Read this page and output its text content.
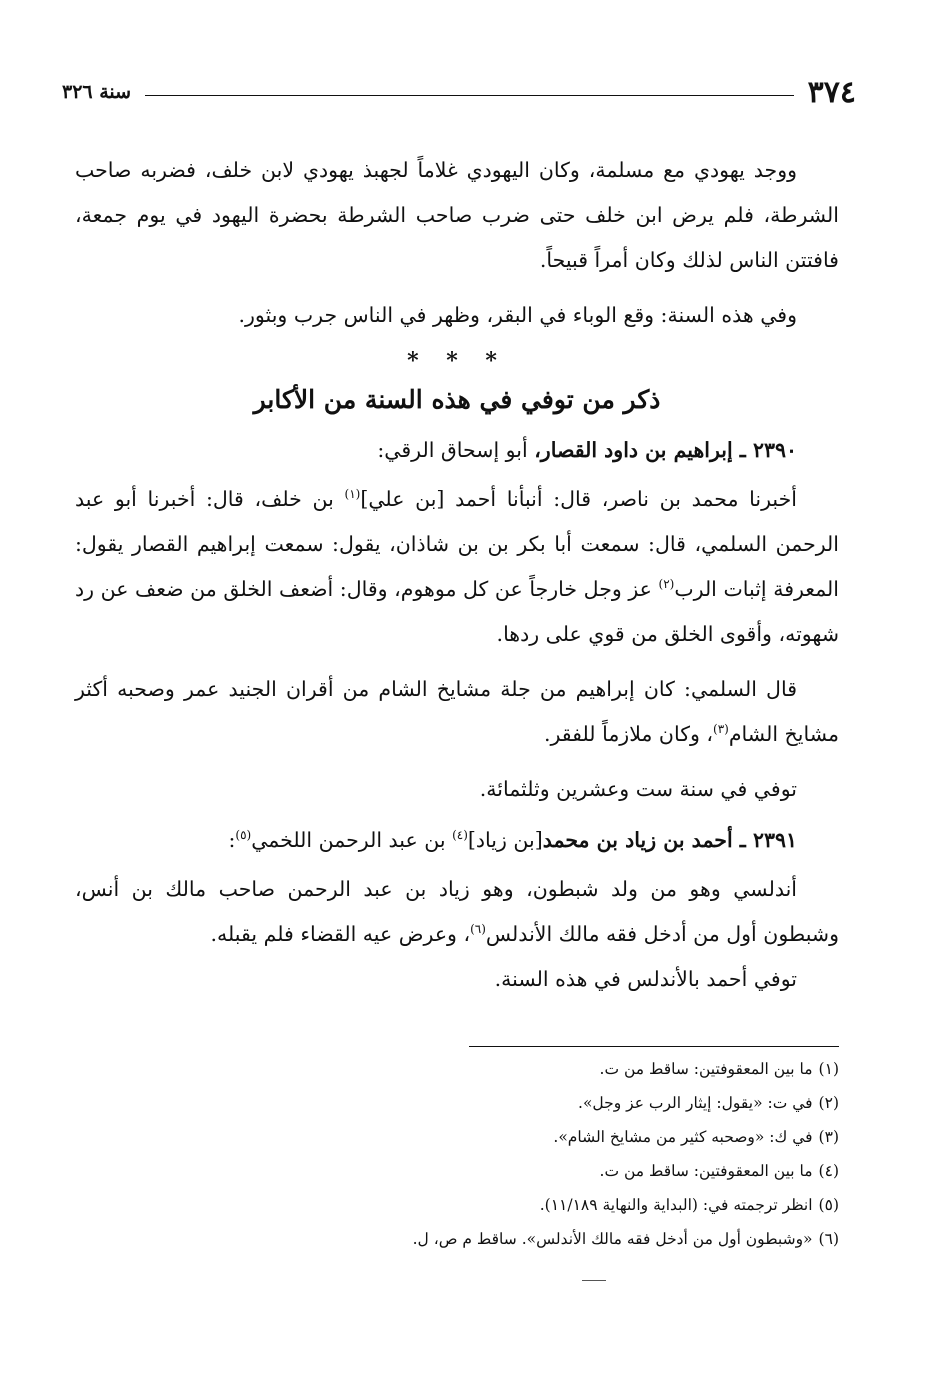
٣٧٤
سنة ٣٢٦

ووجد يهودي مع مسلمة، وكان اليهودي غلاماً لجهبذ يهودي لابن خلف، فضربه صاحب الشرطة، فلم يرض ابن خلف حتى ضرب صاحب الشرطة بحضرة اليهود في يوم جمعة، فافتتن الناس لذلك وكان أمراً قبيحاً.

وفي هذه السنة: وقع الوباء في البقر، وظهر في الناس جرب وبثور.

* * *
ذكر من توفي في هذه السنة من الأكابر

٢٣٩٠ ـ إبراهيم بن داود القصار، أبو إسحاق الرقي:

أخبرنا محمد بن ناصر، قال: أنبأنا أحمد [بن علي]$^{(١)}$ بن خلف، قال: أخبرنا أبو عبد الرحمن السلمي، قال: سمعت أبا بكر بن بن شاذان، يقول: سمعت إبراهيم القصار يقول: المعرفة إثبات الرب$^{(٢)}$ عز وجل خارجاً عن كل موهوم، وقال: أضعف الخلق من ضعف عن رد شهوته، وأقوى الخلق من قوي على ردها.

قال السلمي: كان إبراهيم من جلة مشايخ الشام من أقران الجنيد عمر وصحبه أكثر مشايخ الشام$^{(٣)}$، وكان ملازماً للفقر.

توفي في سنة ست وعشرين وثلثمائة.

٢٣٩١ ـ أحمد بن زياد بن محمد[بن زياد]$^{(٤)}$ بن عبد الرحمن اللخمي$^{(٥)}$:

أندلسي وهو من ولد شبطون، وهو زياد بن عبد الرحمن صاحب مالك بن أنس، وشبطون أول من أدخل فقه مالك الأندلس$^{(٦)}$، وعرض عيه القضاء فلم يقبله.

توفي أحمد بالأندلس في هذه السنة.

(١)ما بين المعقوفتين: ساقط من ت.

(٢)في ت: «يقول: إيثار الرب عز وجل».

(٣)في ك: «وصحبه كثير من مشايخ الشام».

(٤)ما بين المعقوفتين: ساقط من ت.

(٥)انظر ترجمته في: (البداية والنهاية ١١/١٨٩).

(٦)«وشبطون أول من أدخل فقه مالك الأندلس». ساقط م ص، ل.
